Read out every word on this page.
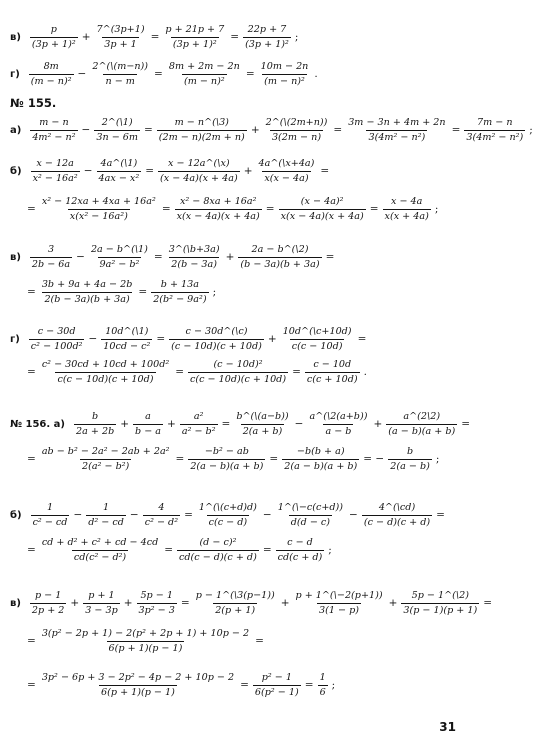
$в) \frac{p}{\text{(3p + 1)²}} + \frac{7\^{}(3p+1)}{3p + 1} = \frac{p + 21p + 7}{\text{(3p + 1)²}} = \frac{22p + 7}{\text{(3p + 1)²}}$ ;
$г) \frac{8m}{\text{(m − n)²}} - \frac{2\^{}(\backslash(m-n))}{n - m} = \frac{8m + 2m - 2n}{\text{(m − n)²}} = \frac{10m - 2n}{\text{(m − n)²}}$ .
№ 155.
$а) \frac{m - n}{\text{4m² − n²}} - \frac{2\^{}(\backslash 1)}{3n - 6m} = \frac{m - n\^{}(\backslash 3)}{(2m - n)(2m + n)} + \frac{2\^{}(\backslash(2m+n))}{3(2m - n)} = \frac{3m - 3n + 4m + 2n}{\text{3(4m² − n²)}} = \frac{7m - n}{\text{3(4m² − n²)}}$ ;
$б) \frac{x - 12a}{\text{x² − 16a²}} - \frac{4a\^{}(\backslash 1)}{\text{4ax − x²}} = \frac{x - 12a\^{}(\backslash x)}{(x - 4a)(x + 4a)} + \frac{4a\^{}(\backslash x+4a)}{x(x - 4a)}$ =
= $\frac{\text{x² − 12xa + 4xa + 16a²}}{\text{x(x² − 16a²)}} = \frac{\text{x² − 8xa + 16a²}}{x(x - 4a)(x + 4a)} = \frac{\text{(x − 4a)²}}{x(x - 4a)(x + 4a)} = \frac{x - 4a}{x(x + 4a)}$ ;
$в) \frac{3}{2b - 6a} - \frac{2a - b\^{}(\backslash 1)}{\text{9a² − b²}} = \frac{3\^{}(\backslash b+3a)}{2(b - 3a)} + \frac{2a - b\^{}(\backslash 2)}{(b - 3a)(b + 3a)}$ =
= $\frac{3b + 9a + 4a - 2b}{2(b - 3a)(b + 3a)} = \frac{b + 13a}{\text{2(b² − 9a²)}}$ ;
$г) \frac{c - 30d}{\text{c² − 100d²}} - \frac{10d\^{}(\backslash 1)}{\text{10cd − c²}} = \frac{c - 30d\^{}(\backslash c)}{(c - 10d)(c + 10d)} + \frac{10d\^{}(\backslash c+10d)}{c(c - 10d)}$ =
= $\frac{\text{c² − 30cd + 10cd + 100d²}}{c(c - 10d)(c + 10d)} = \frac{\text{(c − 10d)²}}{c(c - 10d)(c + 10d)} = \frac{c - 10d}{c(c + 10d)}$ .
№ 156. $а) \frac{b}{2a + 2b} + \frac{a}{b - a} + \frac{\text{a²}}{\text{a² − b²}} = \frac{b\^{}(\backslash(a-b))}{2(a + b)} - \frac{a\^{}(\backslash 2(a+b))}{a - b} + \frac{a\^{}(2\backslash 2)}{(a - b)(a + b)}$ =
= $\frac{\text{ab − b² − 2a² − 2ab + 2a²}}{\text{2(a² − b²)}} = \frac{\text{−b² − ab}}{2(a - b)(a + b)} = \frac{-b(b + a)}{2(a - b)(a + b)}$ = − $\frac{b}{2(a - b)}$ ;
$б) \frac{1}{\text{c² − cd}} - \frac{1}{\text{d² − cd}} - \frac{4}{\text{c² − d²}} = \frac{1\^{}(\backslash(c+d)d)}{c(c - d)} - \frac{1\^{}(\backslash-c(c+d))}{d(d - c)} - \frac{4\^{}(\backslash cd)}{(c - d)(c + d)}$ =
= $\frac{\text{cd + d² + c² + cd − 4cd}}{\text{cd(c² − d²)}} = \frac{\text{(d − c)²}}{cd(c - d)(c + d)} = \frac{c - d}{cd(c + d)}$ ;
$в) \frac{p - 1}{2p + 2} + \frac{p + 1}{3 - 3p} + \frac{5p - 1}{\text{3p² − 3}} = \frac{p - 1\^{}(\backslash 3(p-1))}{2(p + 1)} + \frac{p + 1\^{}(\backslash-2(p+1))}{3(1 - p)} + \frac{5p - 1\^{}(\backslash 2)}{3(p - 1)(p + 1)}$ =
= $\frac{\text{3(p² − 2p + 1) − 2(p² + 2p + 1) + 10p − 2}}{6(p + 1)(p - 1)}$ =
= $\frac{\text{3p² − 6p + 3 − 2p² − 4p − 2 + 10p − 2}}{6(p + 1)(p - 1)} = \frac{\text{p² − 1}}{\text{6(p² − 1)}} = \frac{1}{6}$ ;
31
